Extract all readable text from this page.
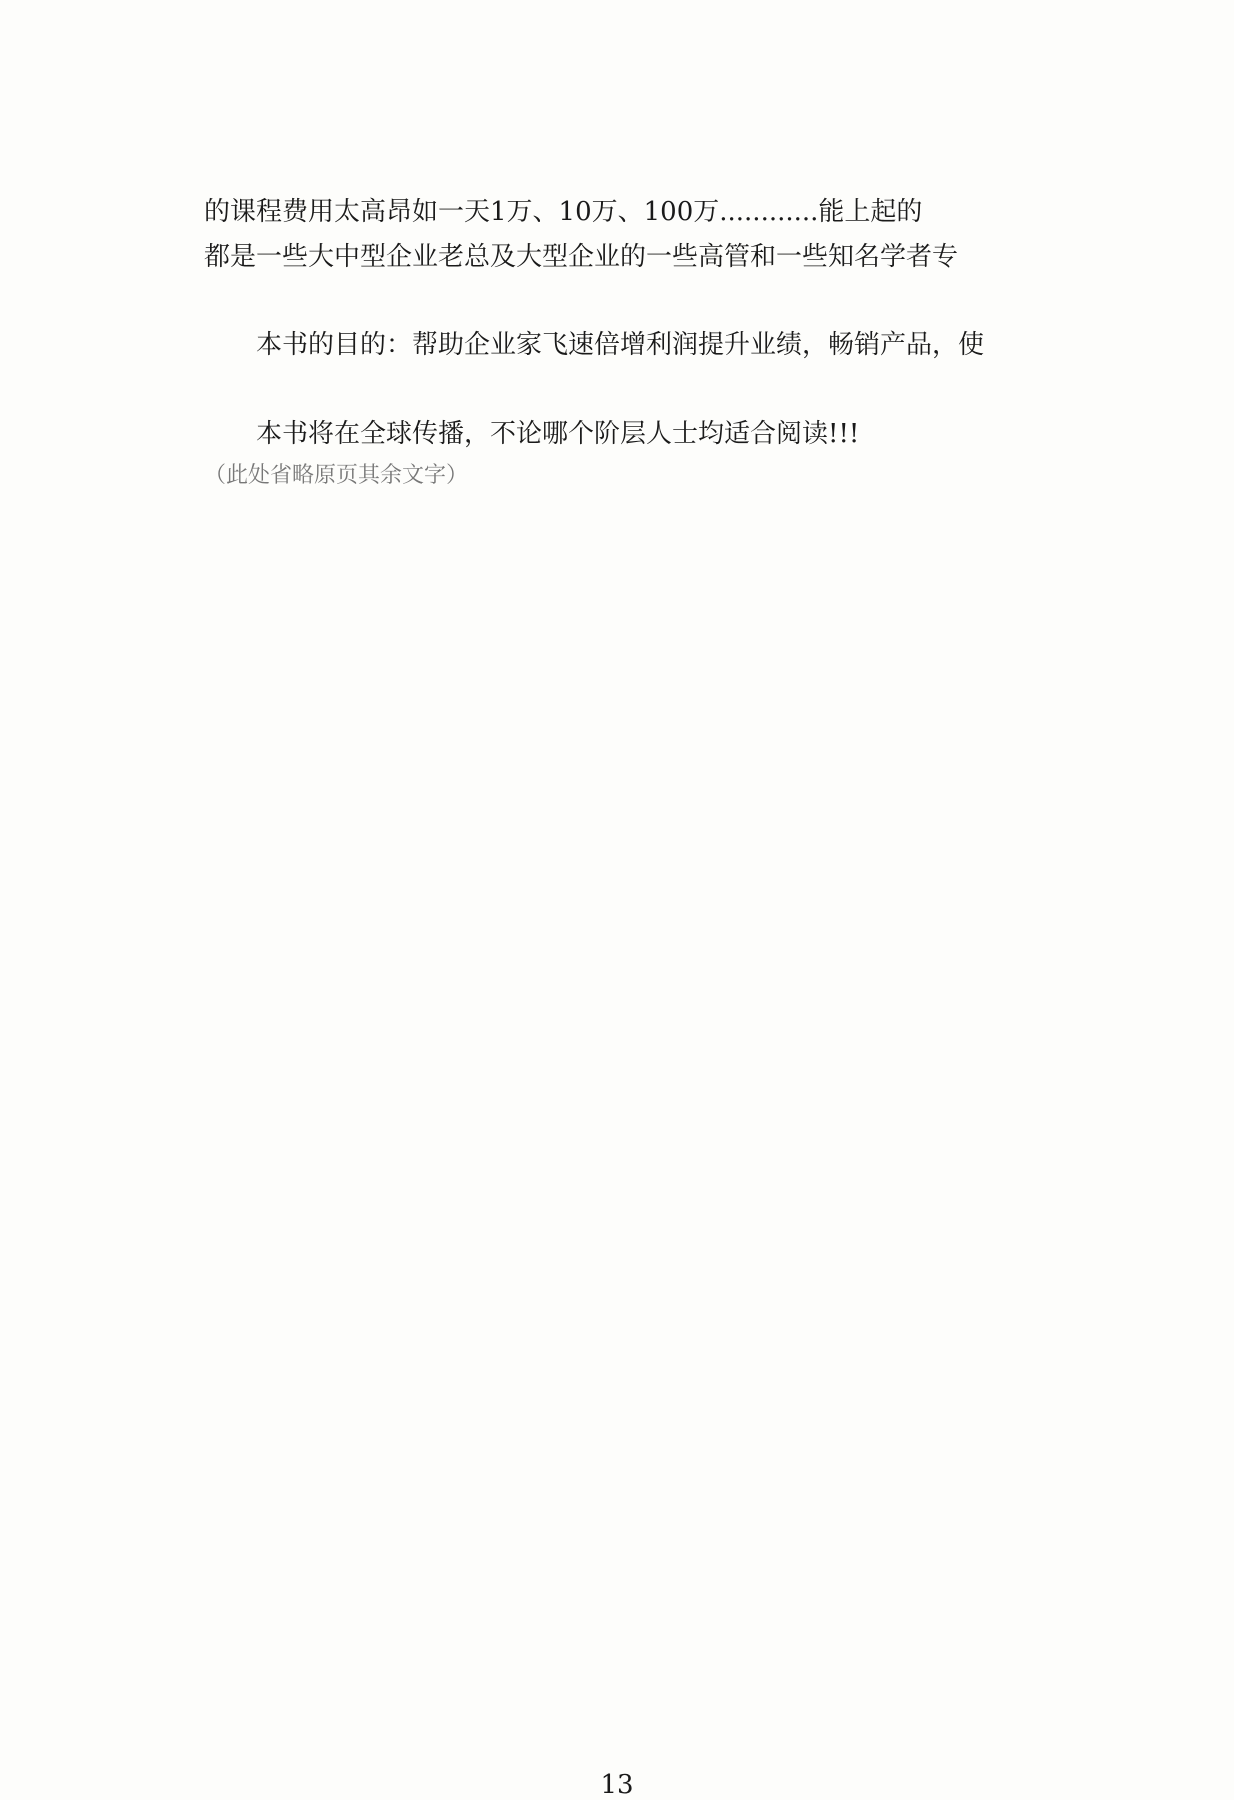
的课程费用太高昂如一天1万、10万、100万............能上起的
都是一些大中型企业老总及大型企业的一些高管和一些知名学者专
本书的目的：帮助企业家飞速倍增利润提升业绩，畅销产品，使
本书将在全球传播，不论哪个阶层人士均适合阅读!!!
（此处省略原页其余文字）
13
